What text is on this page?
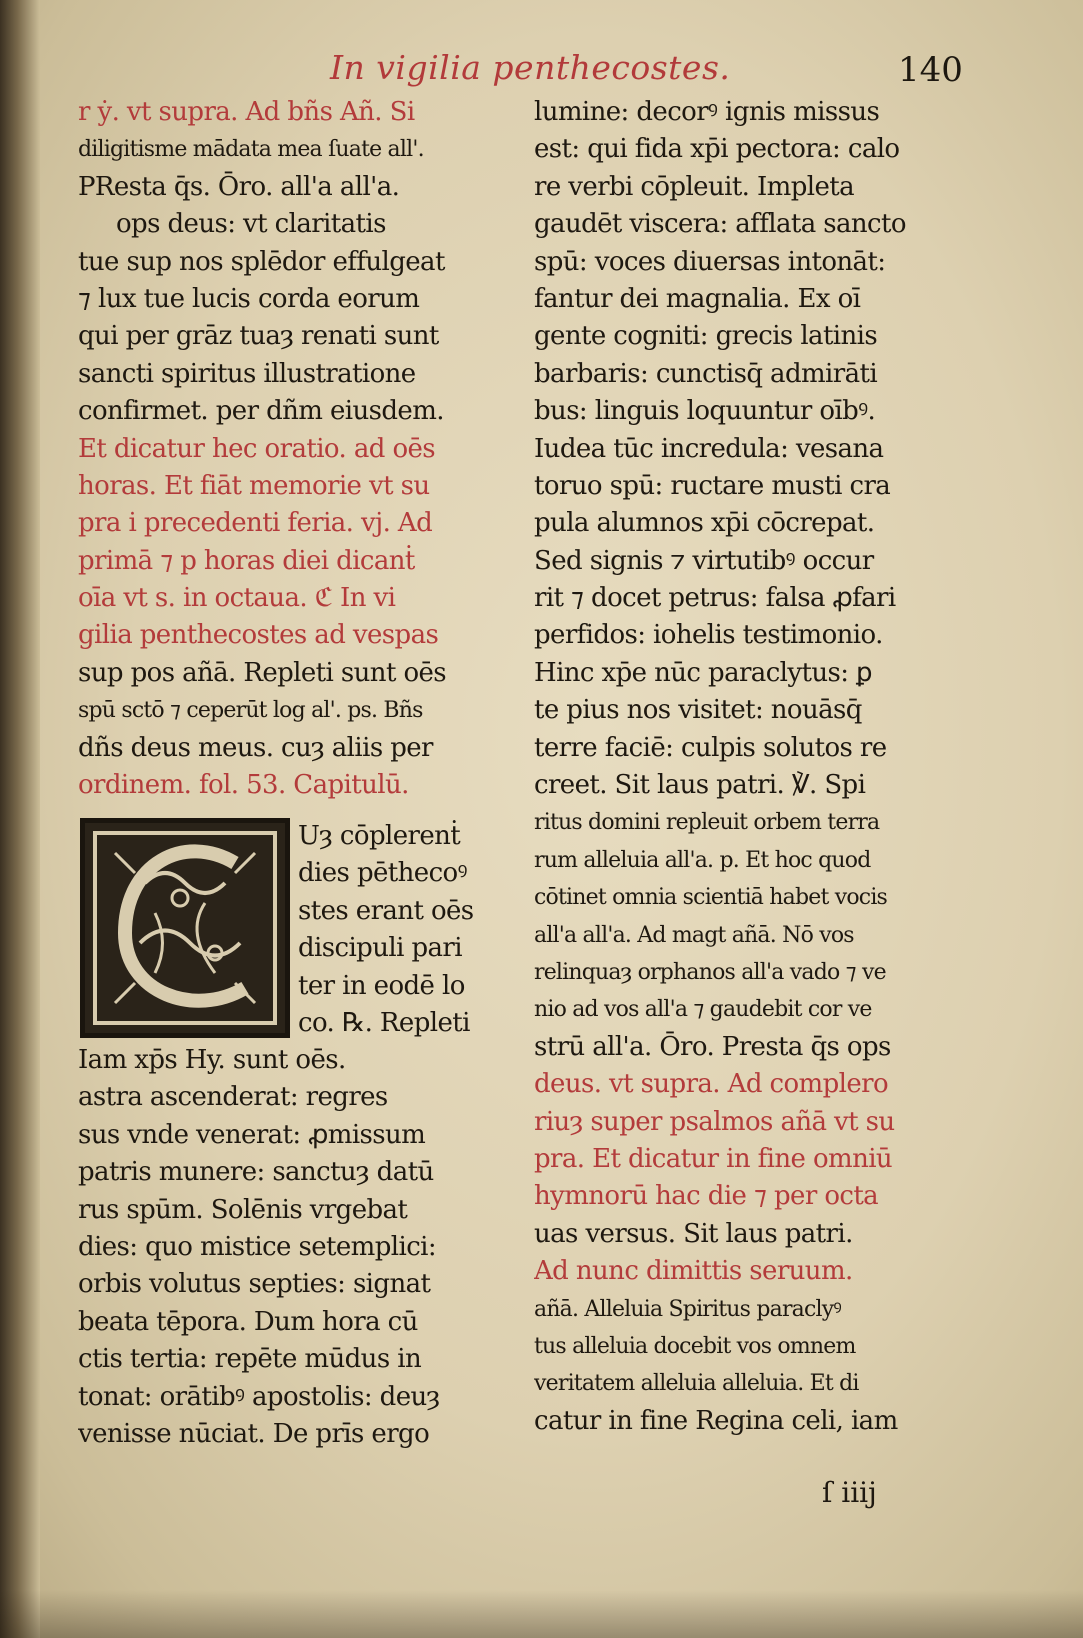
In vigilia penthecostes.	140
r ẏ. vt supra. Ad bñs Añ. Si
diligitisme mādata mea ſuate all'.
PResta q̄s. Ōro. all'a all'a.
ops deus: vt claritatis
tue sup nos splēdor effulgeat
⁊ lux tue lucis corda eorum
qui per grāz tuaȝ renati sunt
sancti spiritus illustratione
confirmet. per dñm eiusdem.
Et dicatur hec oratio. ad oēs
horas. Et fiāt memorie vt su
pra i precedenti feria. vj. Ad
primā ⁊ p horas diei dicanṫ
oīa vt s. in octaua. ℭ In vi
gilia penthecostes ad vespas
sup pos añā. Repleti sunt oēs
spū sctō ⁊ ceperūt log al'. ps. Bñs
dñs deus meus. cuȝ aliis per
ordinem. fol. 53. Capitulū.
Uȝ cōplerenṫ
dies pēthecoꝰ
stes erant oēs
discipuli pari
ter in eodē lo
co. ℞. Repleti
Iam xp̄s Hy. sunt oēs.
astra ascenderat: regres
sus vnde venerat: ꝓmissum
patris munere: sanctuȝ datū
rus spūm. Solēnis vrgebat
dies: quo mistice setemplici:
orbis volutus septies: signat
beata tēpora. Dum hora cū
ctis tertia: repēte mūdus in
tonat: orātibꝰ apostolis: deuȝ
venisse nūciat. De prīs ergo
lumine: decorꝰ ignis missus
est: qui fida xp̄i pectora: calo
re verbi cōpleuit. Impleta
gaudēt viscera: afflata sancto
spū: voces diuersas intonāt:
fantur dei magnalia. Ex oī
gente cogniti: grecis latinis
barbaris: cunctisq̄ admirāti
bus: linguis loquuntur oībꝰ.
Iudea tūc incredula: vesana
toruo spū: ructare musti cra
pula alumnos xp̄i cōcrepat.
Sed signis ⁊ virtutibꝰ occur
rit ⁊ docet petrus: falsa ꝓfari
perfidos: iohelis testimonio.
Hinc xp̄e nūc paraclytus: ꝑ
te pius nos visitet: nouāsq̄
terre faciē: culpis solutos re
creet. Sit laus patri. ℣. Spi
ritus domini repleuit orbem terra
rum alleluia all'a. p. Et hoc quod
cōtinet omnia scientiā habet vocis
all'a all'a. Ad magt añā. Nō vos
relinquaȝ orphanos all'a vado ⁊ ve
nio ad vos all'a ⁊ gaudebit cor ve
strū all'a. Ōro. Presta q̄s ops
deus. vt supra. Ad complero
riuȝ super psalmos añā vt su
pra. Et dicatur in fine omniū
hymnorū hac die ⁊ per octa
uas versus. Sit laus patri.
Ad nunc dimittis seruum.
añā. Alleluia Spiritus paraclyꝰ
tus alleluia docebit vos omnem
veritatem alleluia alleluia. Et di
catur in fine Regina celi, iam
ſ iiij
